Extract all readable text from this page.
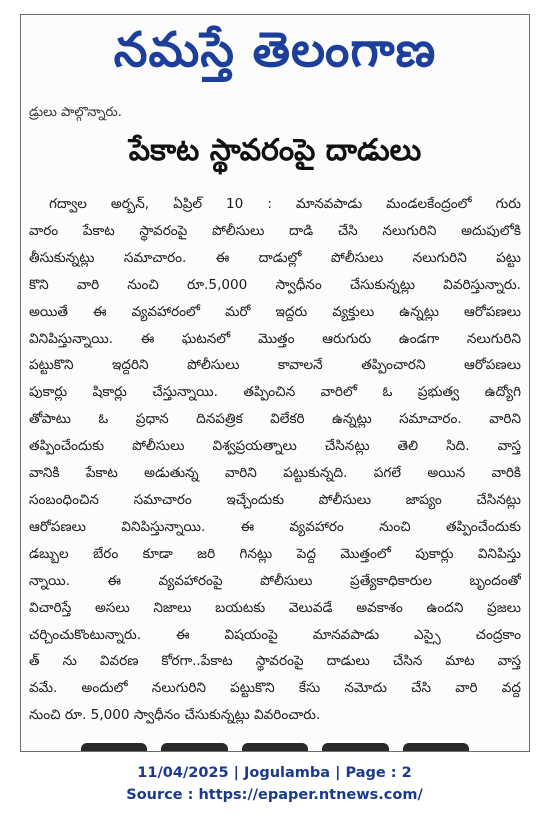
నమస్తే తెలంగాణ
డ్రులు పాల్గొన్నారు.
పేకాట స్థావరంపై దాడులు
గద్వాల అర్బన్, ఏప్రిల్ 10 : మానవపాడు మండలకేంద్రంలో గురు
వారం పేకాట స్థావరంపై పోలీసులు దాడి చేసి నలుగురిని అదుపులోకి
తీసుకున్నట్లు సమాచారం. ఈ దాడుల్లో పోలీసులు నలుగురిని పట్టు
కొని వారి నుంచి రూ.5,000 స్వాధీనం చేసుకున్నట్లు వివరిస్తున్నారు.
అయితే ఈ వ్యవహారంలో మరో ఇద్దరు వ్యక్తులు ఉన్నట్లు ఆరోపణలు
వినిపిస్తున్నాయి. ఈ ఘటనలో మొత్తం ఆరుగురు ఉండగా నలుగురిని
పట్టుకొని ఇద్దరిని పోలీసులు కావాలనే తప్పించారని ఆరోపణలు
పుకార్లు షికార్లు చేస్తున్నాయి. తప్పించిన వారిలో ఓ ప్రభుత్వ ఉద్యోగి
తోపాటు ఓ ప్రధాన దినపత్రిక విలేకరి ఉన్నట్లు సమాచారం. వారిని
తప్పించేందుకు పోలీసులు విశ్వప్రయత్నాలు చేసినట్లు తెలి సిది. వాస్త
వానికి పేకాట అడుతున్న వారిని పట్టుకున్నది. పగలే అయిన వారికి
సంబంధించిన సమాచారం ఇచ్చేందుకు పోలీసులు జాప్యం చేసినట్లు
ఆరోపణలు వినిపిస్తున్నాయి. ఈ వ్యవహారం నుంచి తప్పించేందుకు
డబ్బుల బేరం కూడా జరి గినట్లు పెద్ద మొత్తంలో పుకార్లు వినిపిస్తు
న్నాయి. ఈ వ్యవహారంపై పోలీసులు ప్రత్యేకాధికారుల బృందంతో
విచారిస్తే అసలు నిజాలు బయటకు వెలువడే అవకాశం ఉందని ప్రజలు
చర్చించుకొంటున్నారు. ఈ విషయంపై మానవపాడు ఎస్సై చంద్రకాం
త్ ను వివరణ కోరగా..పేకాట స్థావరంపై దాడులు చేసిన మాట వాస్త
వమే. అందులో నలుగురిని పట్టుకొని కేసు నమోదు చేసి వారి వద్ద
నుంచి రూ. 5,000 స్వాధీనం చేసుకున్నట్లు వివరించారు.
11/04/2025 | Jogulamba | Page : 2
Source : https://epaper.ntnews.com/
